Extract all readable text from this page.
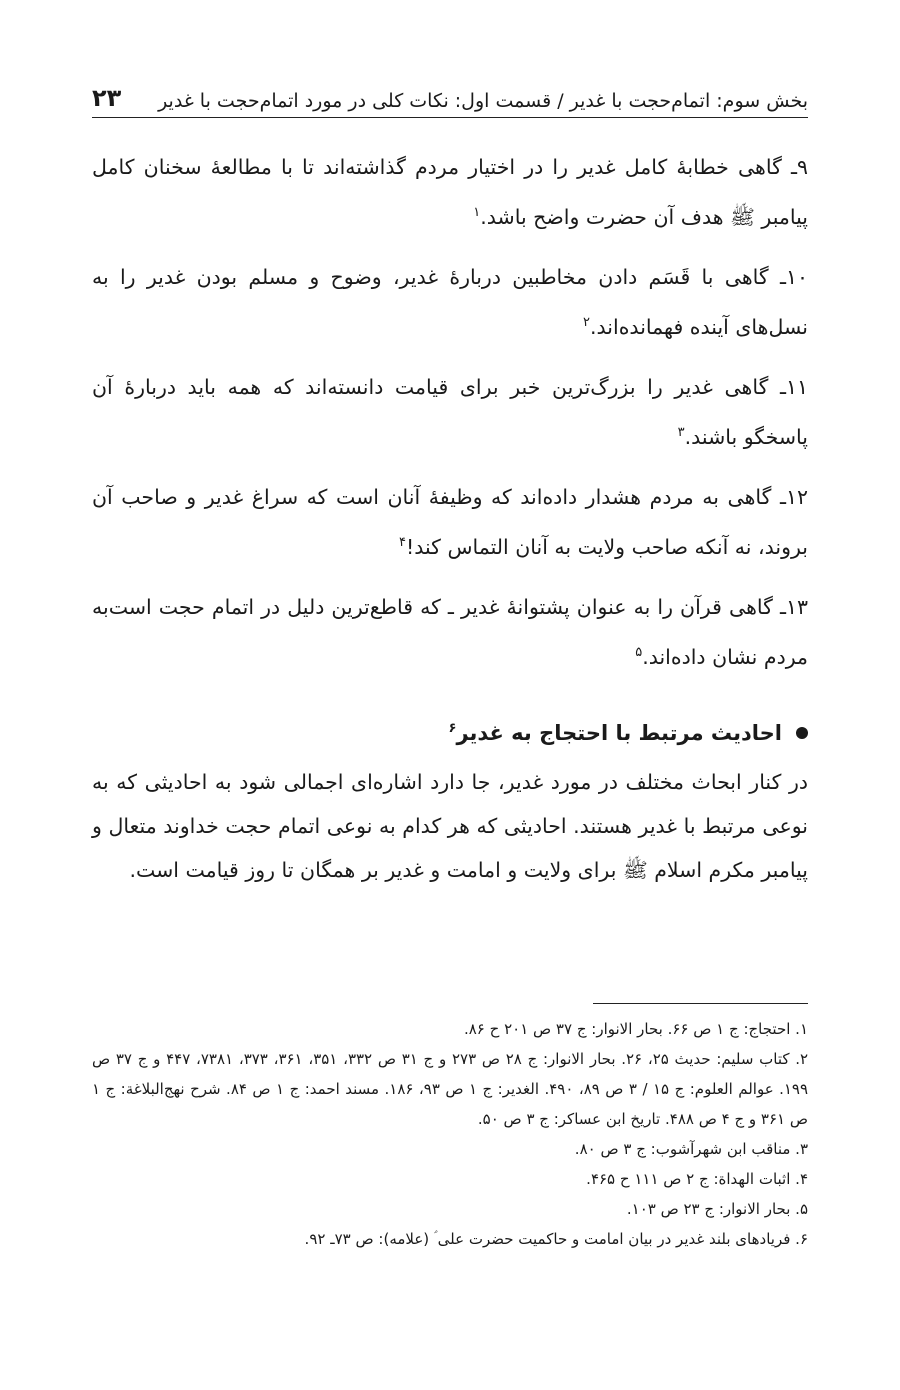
بخش سوم: اتمام‌حجت با غدیر / قسمت اول: نکات کلی در مورد اتمام‌حجت با غدیر
۲۳

۹ـ گاهی خطابهٔ کامل غدیر را در اختیار مردم گذاشته‌اند تا با مطالعهٔ سخنان کامل پیامبر ﷺ هدف آن حضرت واضح باشد.$^۱$

۱۰ـ گاهی با قَسَم دادن مخاطبین دربارهٔ غدیر، وضوح و مسلم بودن غدیر را به نسل‌های آینده فهمانده‌اند.$^۲$

۱۱ـ گاهی غدیر را بزرگ‌ترین خبر برای قیامت دانسته‌اند که همه باید دربارهٔ آن پاسخگو باشند.$^۳$

۱۲ـ گاهی به مردم هشدار داده‌اند که وظیفهٔ آنان است که سراغ غدیر و صاحب آن بروند، نه آنکه صاحب ولایت به آنان التماس کند!$^۴$

۱۳ـ گاهی قرآن را به عنوان پشتوانهٔ غدیر ـ که قاطع‌ترین دلیل در اتمام حجت است‌به مردم نشان داده‌اند.$^۵$

احادیث مرتبط با احتجاج به غدیر$^۶$

در کنار ابحاث مختلف در مورد غدیر، جا دارد اشاره‌ای اجمالی شود به احادیثی که به نوعی مرتبط با غدیر هستند. احادیثی که هر کدام به نوعی اتمام حجت خداوند متعال و پیامبر مکرم اسلام ﷺ برای ولایت و امامت و غدیر بر همگان تا روز قیامت است.

۱. احتجاج: ج ۱ ص ۶۶. بحار الانوار: ج ۳۷ ص ۲۰۱ ح ۸۶.

۲. کتاب سلیم: حدیث ۲۵، ۲۶. بحار الانوار: ج ۲۸ ص ۲۷۳ و ج ۳۱ ص ۳۳۲، ۳۵۱، ۳۶۱، ۳۷۳، ۷۳۸۱، ۴۴۷ و ج ۳۷ ص ۱۹۹. عوالم العلوم: ج ۱۵ / ۳ ص ۸۹، ۴۹۰. الغدیر: ج ۱ ص ۹۳، ۱۸۶. مسند احمد: ج ۱ ص ۸۴. شرح نهج‌البلاغة: ج ۱ ص ۳۶۱ و ج ۴ ص ۴۸۸. تاریخ ابن عساکر: ج ۳ ص ۵۰.

۳. مناقب ابن شهرآشوب: ج ۳ ص ۸۰.

۴. اثبات الهداة: ج ۲ ص ۱۱۱ ح ۴۶۵.

۵. بحار الانوار: ج ۲۳ ص ۱۰۳.

۶. فریادهای بلند غدیر در بیان امامت و حاکمیت حضرت علی ؑ (علامه): ص ۷۳ـ ۹۲.
